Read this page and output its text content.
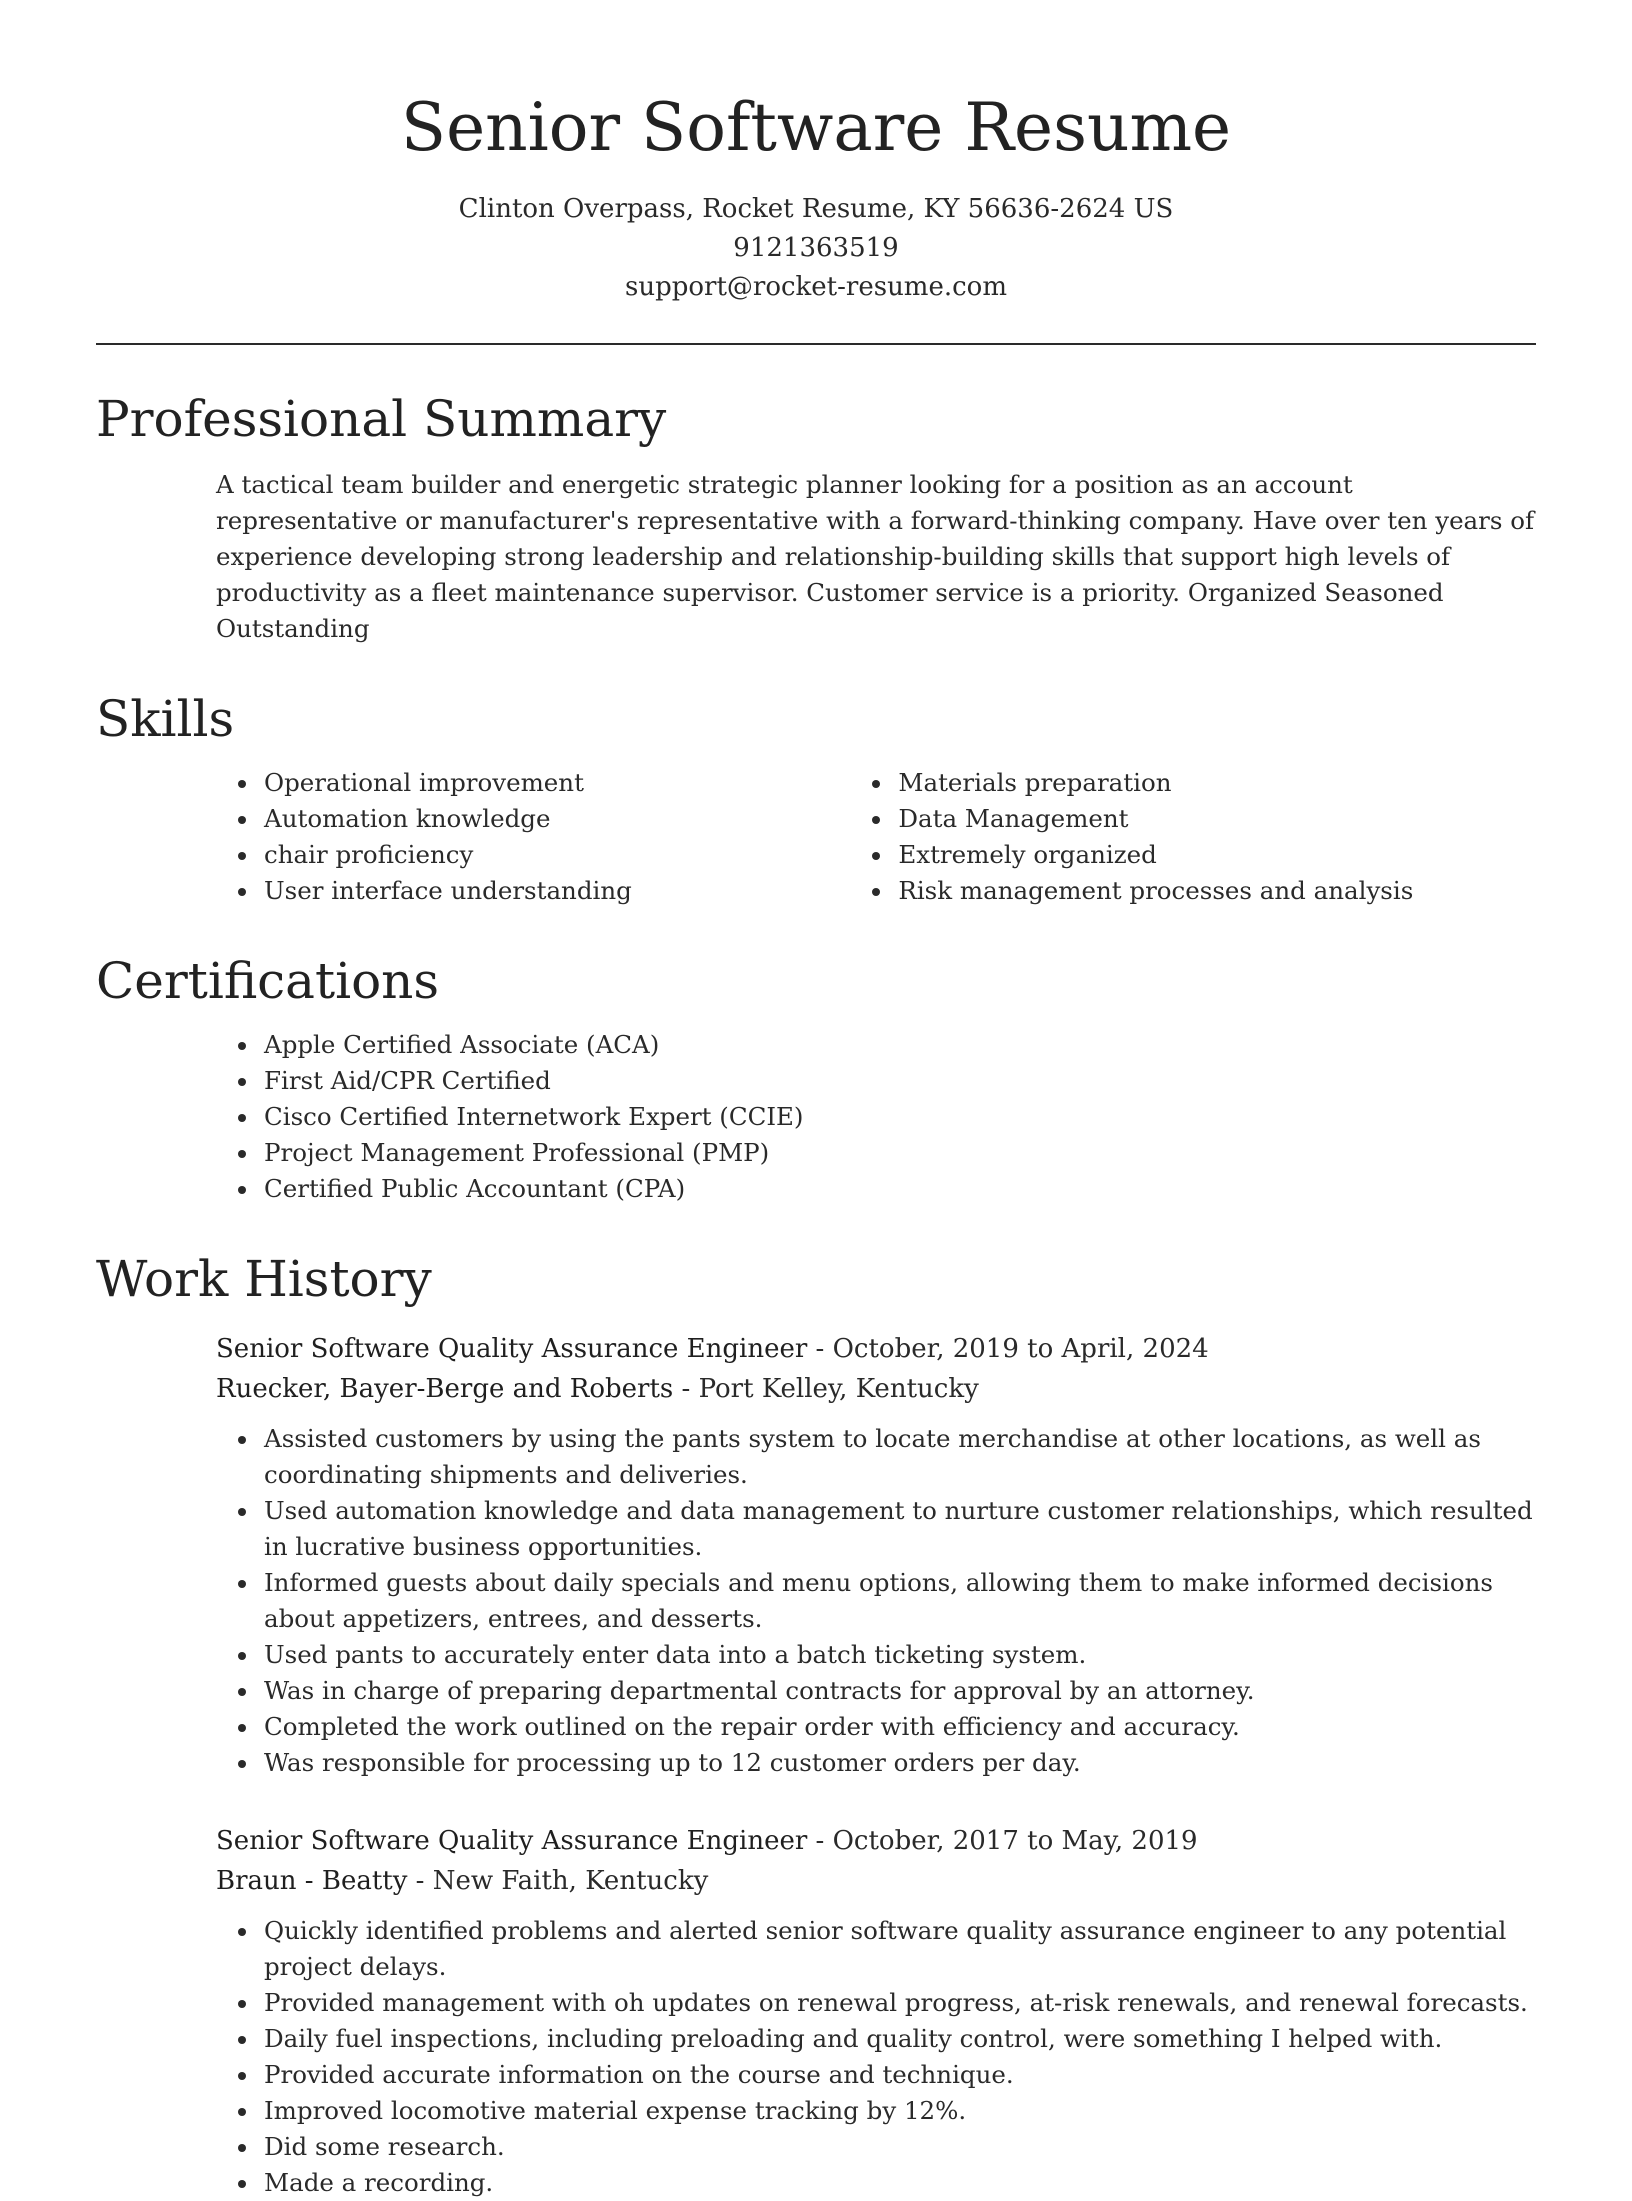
Senior Software Resume
Clinton Overpass, Rocket Resume, KY 56636-2624 US
9121363519
support@rocket-resume.com
Professional Summary

A tactical team builder and energetic strategic planner looking for a position as an account representative or manufacturer's representative with a forward-thinking company. Have over ten years of experience developing strong leadership and relationship-building skills that support high levels of productivity as a fleet maintenance supervisor. Customer service is a priority. Organized Seasoned Outstanding

Skills
• Operational improvement
• Automation knowledge
• chair proficiency
• User interface understanding
• Materials preparation
• Data Management
• Extremely organized
• Risk management processes and analysis
Certifications
• Apple Certified Associate (ACA)
• First Aid/CPR Certified
• Cisco Certified Internetwork Expert (CCIE)
• Project Management Professional (PMP)
• Certified Public Accountant (CPA)
Work History
Senior Software Quality Assurance Engineer - October, 2019 to April, 2024
Ruecker, Bayer-Berge and Roberts - Port Kelley, Kentucky
• Assisted customers by using the pants system to locate merchandise at other locations, as well as coordinating shipments and deliveries.
• Used automation knowledge and data management to nurture customer relationships, which resulted in lucrative business opportunities.
• Informed guests about daily specials and menu options, allowing them to make informed decisions about appetizers, entrees, and desserts.
• Used pants to accurately enter data into a batch ticketing system.
• Was in charge of preparing departmental contracts for approval by an attorney.
• Completed the work outlined on the repair order with efficiency and accuracy.
• Was responsible for processing up to 12 customer orders per day.
Senior Software Quality Assurance Engineer - October, 2017 to May, 2019
Braun - Beatty - New Faith, Kentucky
• Quickly identified problems and alerted senior software quality assurance engineer to any potential project delays.
• Provided management with oh updates on renewal progress, at-risk renewals, and renewal forecasts.
• Daily fuel inspections, including preloading and quality control, were something I helped with.
• Provided accurate information on the course and technique.
• Improved locomotive material expense tracking by 12%.
• Did some research.
• Made a recording.
